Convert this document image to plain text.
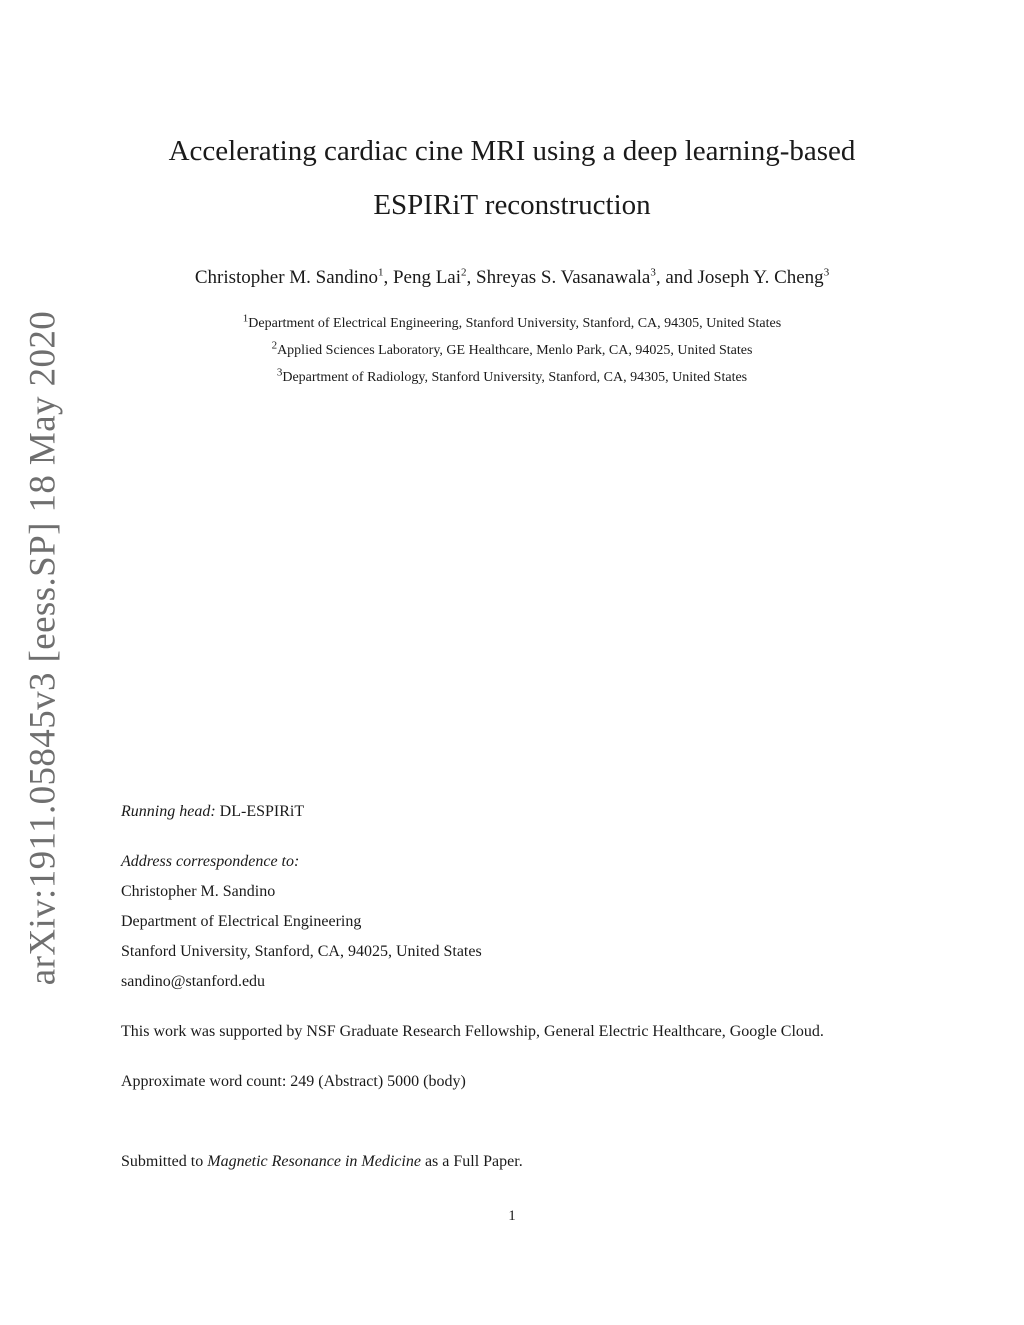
arXiv:1911.05845v3 [eess.SP] 18 May 2020
Accelerating cardiac cine MRI using a deep learning-based
ESPIRiT reconstruction
Christopher M. Sandino$^1$, Peng Lai$^2$, Shreyas S. Vasanawala$^3$, and Joseph Y. Cheng$^3$
$^1$Department of Electrical Engineering, Stanford University, Stanford, CA, 94305, United States
$^2$Applied Sciences Laboratory, GE Healthcare, Menlo Park, CA, 94025, United States
$^3$Department of Radiology, Stanford University, Stanford, CA, 94305, United States
Running head: DL-ESPIRiT
Address correspondence to:
Christopher M. Sandino
Department of Electrical Engineering
Stanford University, Stanford, CA, 94025, United States
sandino@stanford.edu
This work was supported by NSF Graduate Research Fellowship, General Electric Healthcare, Google Cloud.
Approximate word count: 249 (Abstract) 5000 (body)
Submitted to Magnetic Resonance in Medicine as a Full Paper.
1
